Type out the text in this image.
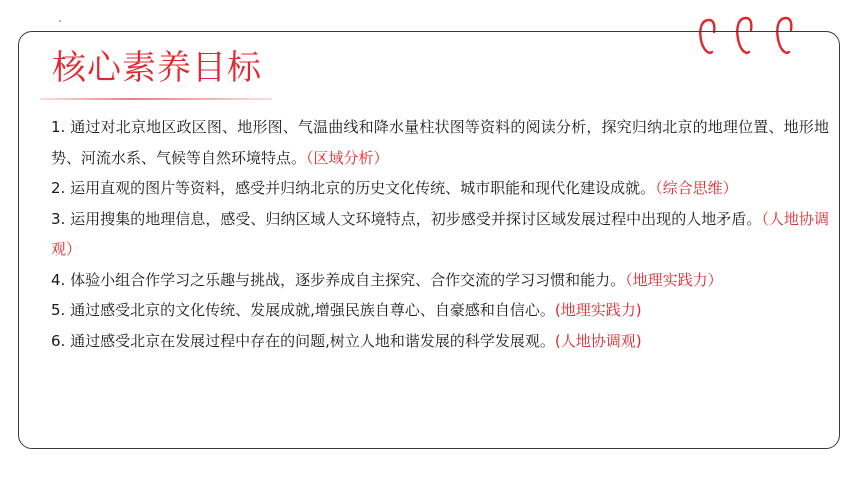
核心素养目标
1. 通过对北京地区政区图、地形图、气温曲线和降水量柱状图等资料的阅读分析，探究归纳北京的地理位置、地形地势、河流水系、气候等自然环境特点。（区域分析）
2. 运用直观的图片等资料，感受并归纳北京的历史文化传统、城市职能和现代化建设成就。（综合思维）
3. 运用搜集的地理信息，感受、归纳区域人文环境特点，初步感受并探讨区域发展过程中出现的人地矛盾。（人地协调观）
4. 体验小组合作学习之乐趣与挑战，逐步养成自主探究、合作交流的学习习惯和能力。（地理实践力）
5. 通过感受北京的文化传统、发展成就,增强民族自尊心、自豪感和自信心。(地理实践力)
6. 通过感受北京在发展过程中存在的问题,树立人地和谐发展的科学发展观。(人地协调观)
